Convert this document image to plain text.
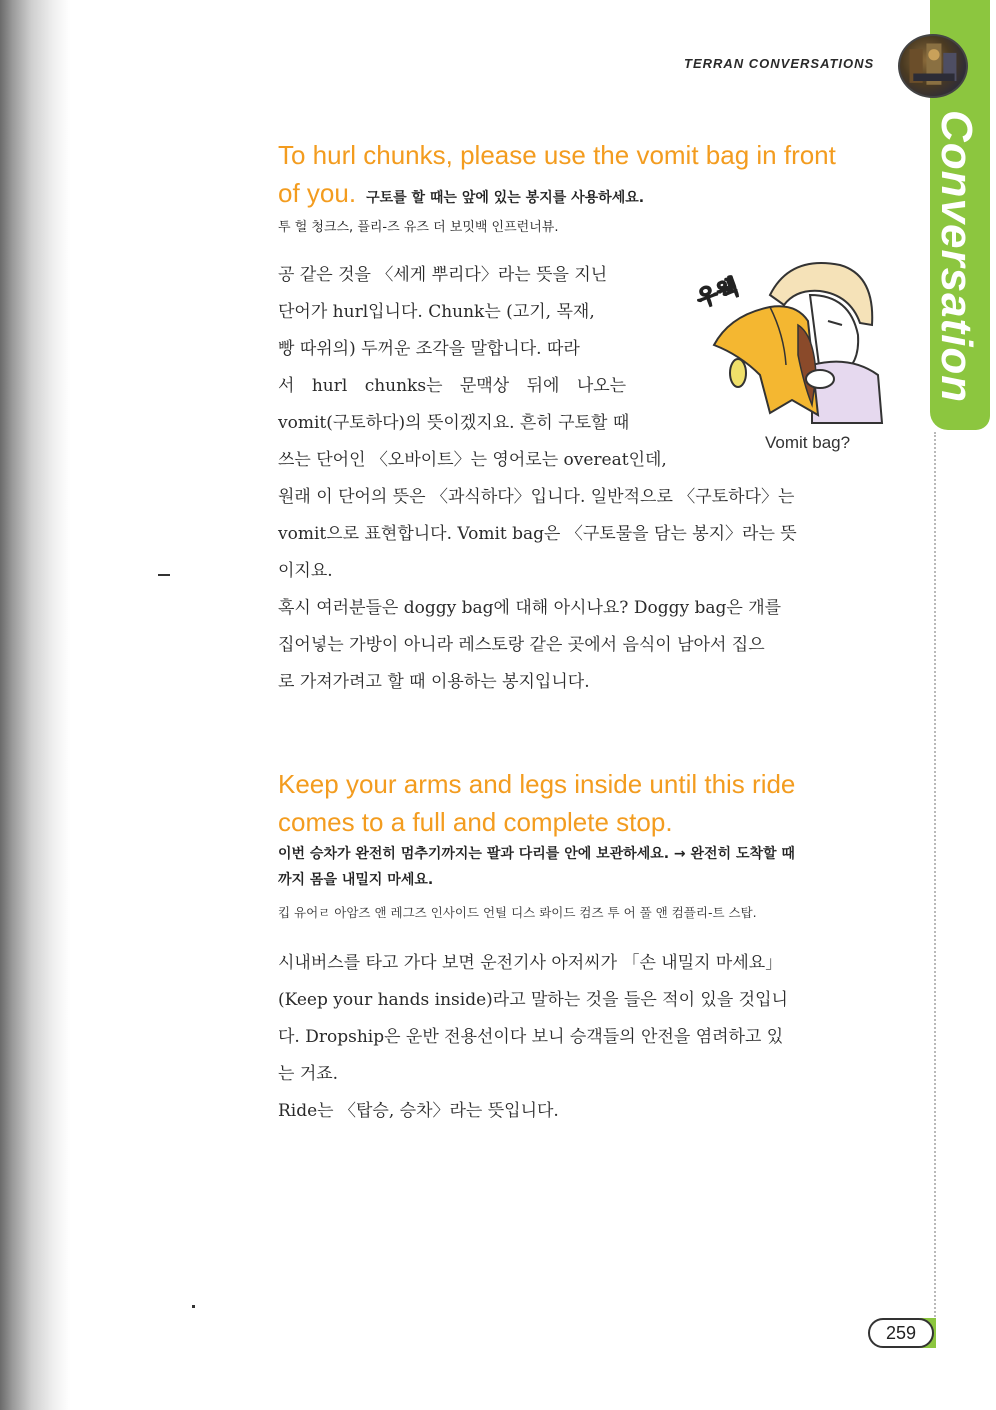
Conversation
TERRAN CONVERSATIONS
To hurl chunks, please use the vomit bag in front
of you. 구토를 할 때는 앞에 있는 봉지를 사용하세요.
투 헐 청크스, 플리-즈 유즈 더 보밋백 인프런너뷰.
공 같은 것을 〈세게 뿌리다〉라는 뜻을 지닌
단어가 hurl입니다. Chunk는 (고기, 목재,
빵 따위의) 두꺼운 조각을 말합니다. 따라
서 hurl chunks는 문맥상 뒤에 나오는
vomit(구토하다)의 뜻이겠지요. 흔히 구토할 때
쓰는 단어인 〈오바이트〉는 영어로는 overeat인데,
원래 이 단어의 뜻은 〈과식하다〉입니다. 일반적으로 〈구토하다〉는
vomit으로 표현합니다. Vomit bag은 〈구토물을 담는 봉지〉라는 뜻
이지요.
혹시 여러분들은 doggy bag에 대해 아시나요? Doggy bag은 개를
집어넣는 가방이 아니라 레스토랑 같은 곳에서 음식이 남아서 집으
로 가져가려고 할 때 이용하는 봉지입니다.
우웩
Vomit bag?
Keep your arms and legs inside until this ride
comes to a full and complete stop.
이번 승차가 완전히 멈추기까지는 팔과 다리를 안에 보관하세요. → 완전히 도착할 때
까지 몸을 내밀지 마세요.
킵 유어ㄹ 아암즈 앤 레그즈 인사이드 언틸 디스 롸이드 컴즈 투 어 풀 앤 컴플리-트 스탑.
시내버스를 타고 가다 보면 운전기사 아저씨가 「손 내밀지 마세요」
(Keep your hands inside)라고 말하는 것을 들은 적이 있을 것입니
다. Dropship은 운반 전용선이다 보니 승객들의 안전을 염려하고 있
는 거죠.
Ride는 〈탑승, 승차〉라는 뜻입니다.
259
